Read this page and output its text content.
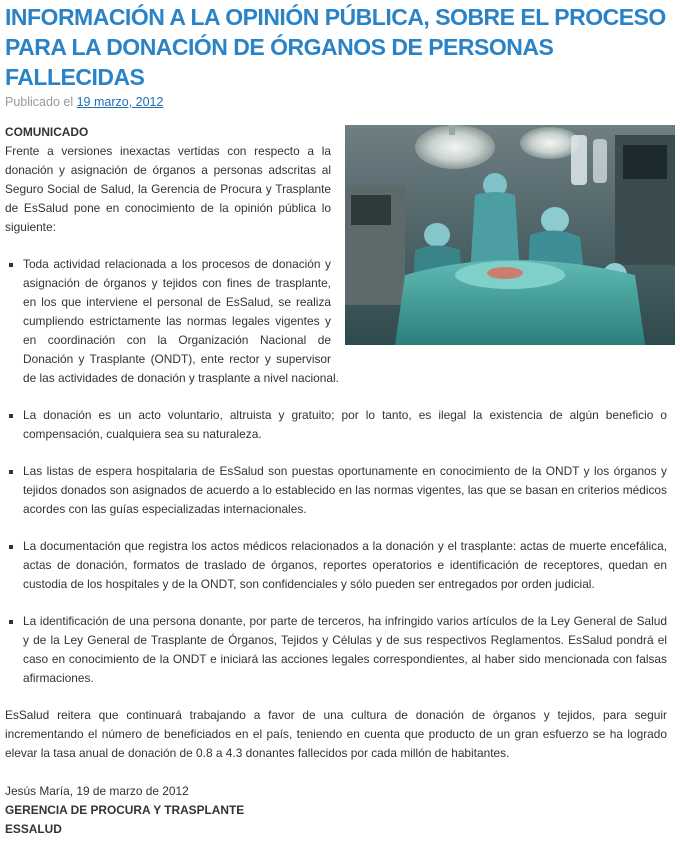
INFORMACIÓN A LA OPINIÓN PÚBLICA, SOBRE EL PROCESO PARA LA DONACIÓN DE ÓRGANOS DE PERSONAS FALLECIDAS
Publicado el 19 marzo, 2012

COMUNICADO

Frente a versiones inexactas vertidas con respecto a la donación y asignación de órganos a personas adscritas al Seguro Social de Salud, la Gerencia de Procura y Trasplante de EsSalud pone en conocimiento de la opinión pública lo siguiente:

Toda actividad relacionada a los procesos de donación y asignación de órganos y tejidos con fines de trasplante, en los que interviene el personal de EsSalud, se realiza cumpliendo estrictamente las normas legales vigentes y en coordinación con la Organización Nacional de Donación y Trasplante (ONDT), ente rector y supervisor de las actividades de donación y trasplante a nivel nacional.
La donación es un acto voluntario, altruista y gratuito; por lo tanto, es ilegal la existencia de algún beneficio o compensación, cualquiera sea su naturaleza.
Las listas de espera hospitalaria de EsSalud son puestas oportunamente en conocimiento de la ONDT y los órganos y tejidos donados son asignados de acuerdo a lo establecido en las normas vigentes, las que se basan en criterios médicos acordes con las guías especializadas internacionales.
La documentación que registra los actos médicos relacionados a la donación y el trasplante: actas de muerte encefálica, actas de donación, formatos de traslado de órganos, reportes operatorios e identificación de receptores, quedan en custodia de los hospitales y de la ONDT, son confidenciales y sólo pueden ser entregados por orden judicial.
La identificación de una persona donante, por parte de terceros, ha infringido varios artículos de la Ley General de Salud y de la Ley General de Trasplante de Órganos, Tejidos y Células y de sus respectivos Reglamentos. EsSalud pondrá el caso en conocimiento de la ONDT e iniciará las acciones legales correspondientes, al haber sido mencionada con falsas afirmaciones.

EsSalud reitera que continuará trabajando a favor de una cultura de donación de órganos y tejidos, para seguir incrementando el número de beneficiados en el país, teniendo en cuenta que producto de un gran esfuerzo se ha logrado elevar la tasa anual de donación de 0.8 a 4.3 donantes fallecidos por cada millón de habitantes.

Jesús María, 19 de marzo de 2012

GERENCIA DE PROCURA Y TRASPLANTE

ESSALUD
